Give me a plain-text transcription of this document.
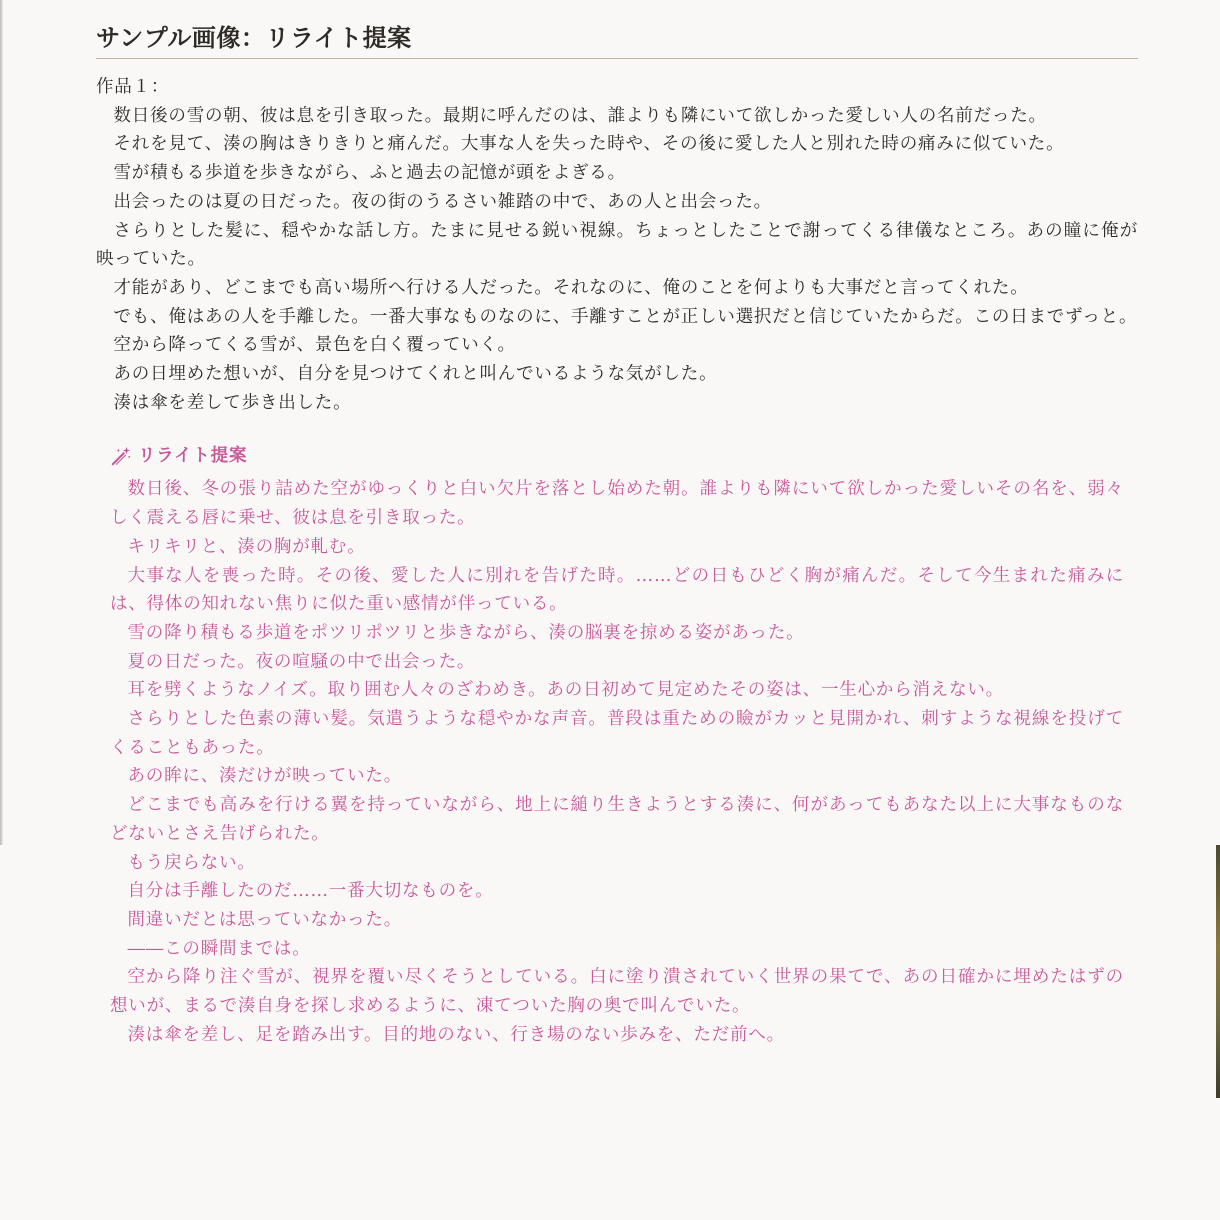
サンプル画像：リライト提案
作品１：

数日後の雪の朝、彼は息を引き取った。最期に呼んだのは、誰よりも隣にいて欲しかった愛しい人の名前だった。

それを見て、湊の胸はきりきりと痛んだ。大事な人を失った時や、その後に愛した人と別れた時の痛みに似ていた。

雪が積もる歩道を歩きながら、ふと過去の記憶が頭をよぎる。

出会ったのは夏の日だった。夜の街のうるさい雑踏の中で、あの人と出会った。

さらりとした髪に、穏やかな話し方。たまに見せる鋭い視線。ちょっとしたことで謝ってくる律儀なところ。あの瞳に俺が映っていた。

才能があり、どこまでも高い場所へ行ける人だった。それなのに、俺のことを何よりも大事だと言ってくれた。

でも、俺はあの人を手離した。一番大事なものなのに、手離すことが正しい選択だと信じていたからだ。この日までずっと。

空から降ってくる雪が、景色を白く覆っていく。

あの日埋めた想いが、自分を見つけてくれと叫んでいるような気がした。

湊は傘を差して歩き出した。

リライト提案

数日後、冬の張り詰めた空がゆっくりと白い欠片を落とし始めた朝。誰よりも隣にいて欲しかった愛しいその名を、弱々しく震える唇に乗せ、彼は息を引き取った。

キリキリと、湊の胸が軋む。

大事な人を喪った時。その後、愛した人に別れを告げた時。……どの日もひどく胸が痛んだ。そして今生まれた痛みには、得体の知れない焦りに似た重い感情が伴っている。

雪の降り積もる歩道をポツリポツリと歩きながら、湊の脳裏を掠める姿があった。

夏の日だった。夜の喧騒の中で出会った。

耳を劈くようなノイズ。取り囲む人々のざわめき。あの日初めて見定めたその姿は、一生心から消えない。

さらりとした色素の薄い髪。気遣うような穏やかな声音。普段は重ための瞼がカッと見開かれ、刺すような視線を投げてくることもあった。

あの眸に、湊だけが映っていた。

どこまでも高みを行ける翼を持っていながら、地上に縋り生きようとする湊に、何があってもあなた以上に大事なものなどないとさえ告げられた。

もう戻らない。

自分は手離したのだ……一番大切なものを。

間違いだとは思っていなかった。

――この瞬間までは。

空から降り注ぐ雪が、視界を覆い尽くそうとしている。白に塗り潰されていく世界の果てで、あの日確かに埋めたはずの想いが、まるで湊自身を探し求めるように、凍てついた胸の奥で叫んでいた。

湊は傘を差し、足を踏み出す。目的地のない、行き場のない歩みを、ただ前へ。
